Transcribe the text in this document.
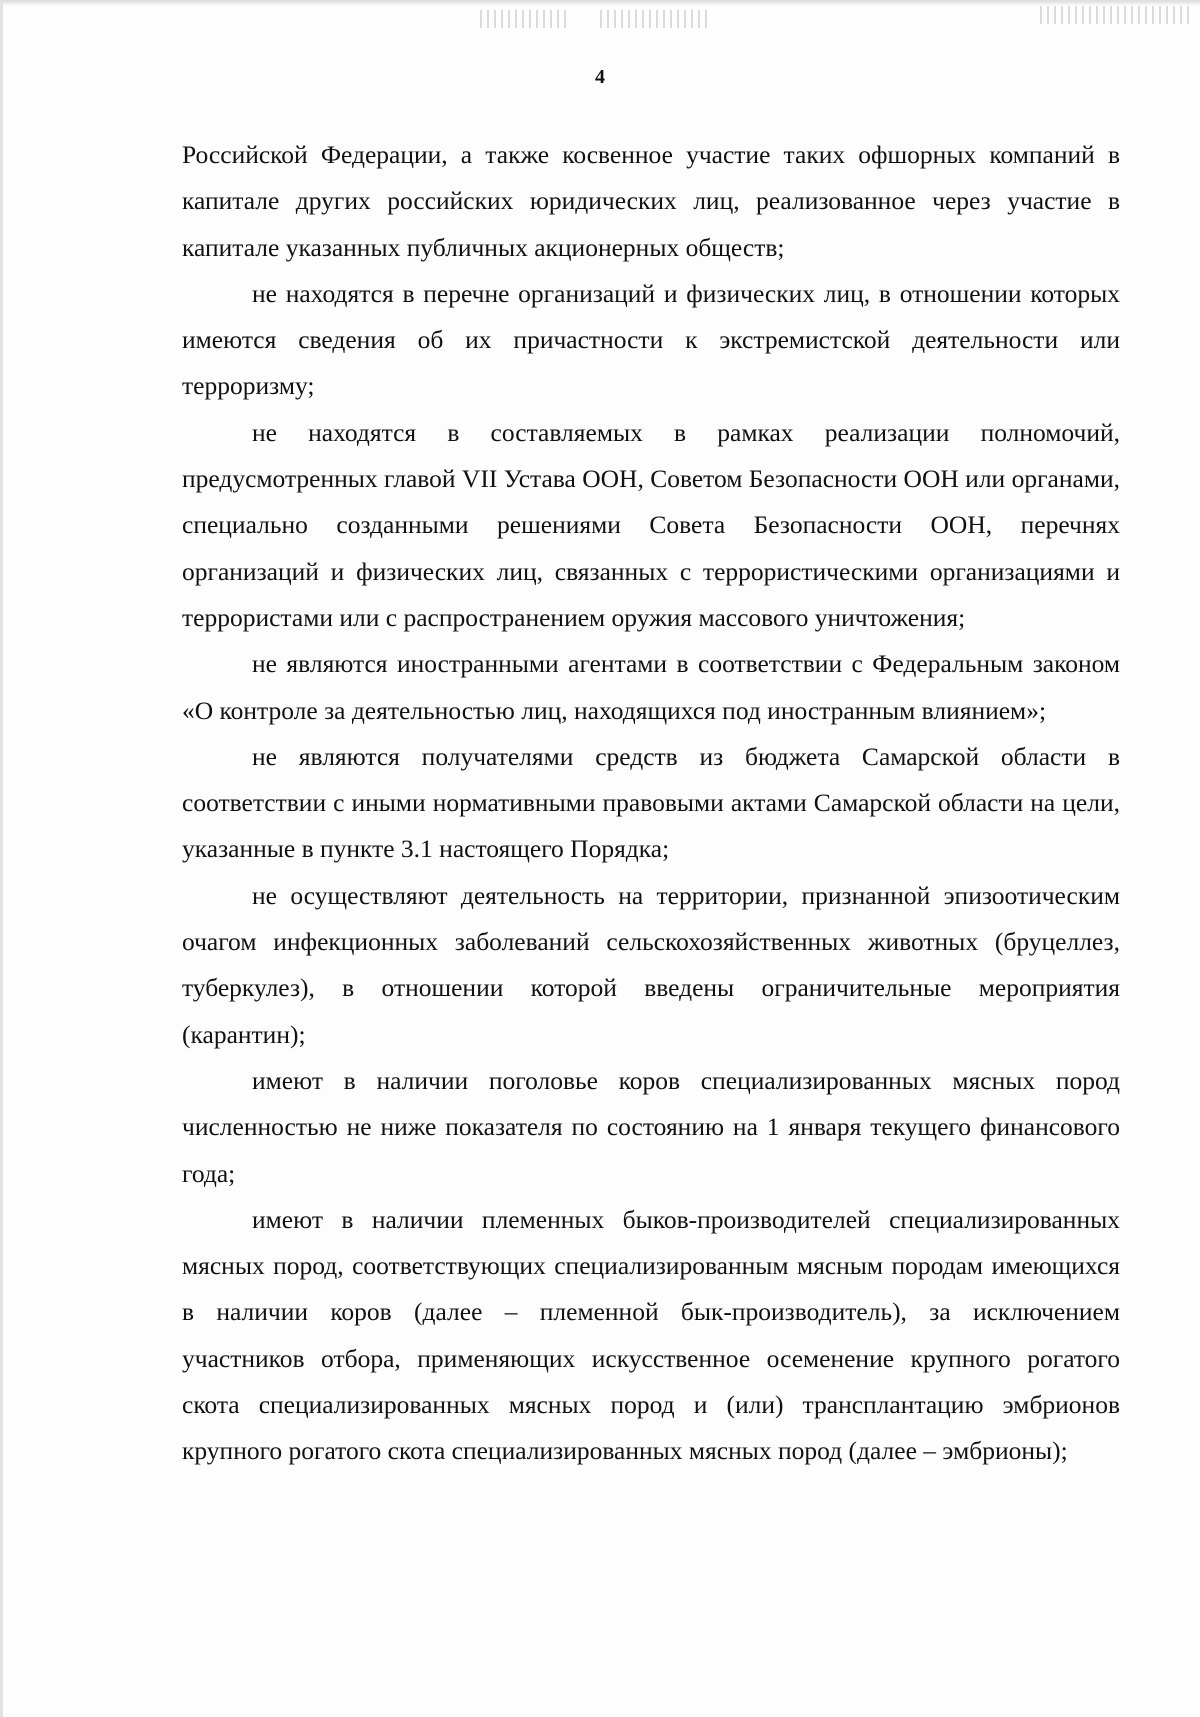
4

Российской Федерации, а также косвенное участие таких офшорных компаний в капитале других российских юридических лиц, реализованное через участие в капитале указанных публичных акционерных обществ;

не находятся в перечне организаций и физических лиц, в отношении которых имеются сведения об их причастности к экстремистской деятельности или терроризму;

не находятся в составляемых в рамках реализации полномочий, предусмотренных главой VII Устава ООН, Советом Безопасности ООН или органами, специально созданными решениями Совета Безопасности ООН, перечнях организаций и физических лиц, связанных с террористическими организациями и террористами или с распространением оружия массового уничтожения;

не являются иностранными агентами в соответствии с Федеральным законом «О контроле за деятельностью лиц, находящихся под иностранным влиянием»;

не являются получателями средств из бюджета Самарской области в соответствии с иными нормативными правовыми актами Самарской области на цели, указанные в пункте 3.1 настоящего Порядка;

не осуществляют деятельность на территории, признанной эпизоотическим очагом инфекционных заболеваний сельскохозяйственных животных (бруцеллез, туберкулез), в отношении которой введены ограничительные мероприятия (карантин);

имеют в наличии поголовье коров специализированных мясных пород численностью не ниже показателя по состоянию на 1 января текущего финансового года;

имеют в наличии племенных быков-производителей специализированных мясных пород, соответствующих специализированным мясным породам имеющихся в наличии коров (далее – племенной бык-производитель), за исключением участников отбора, применяющих искусственное осеменение крупного рогатого скота специализированных мясных пород и (или) трансплантацию эмбрионов крупного рогатого скота специализированных мясных пород (далее – эмбрионы);
